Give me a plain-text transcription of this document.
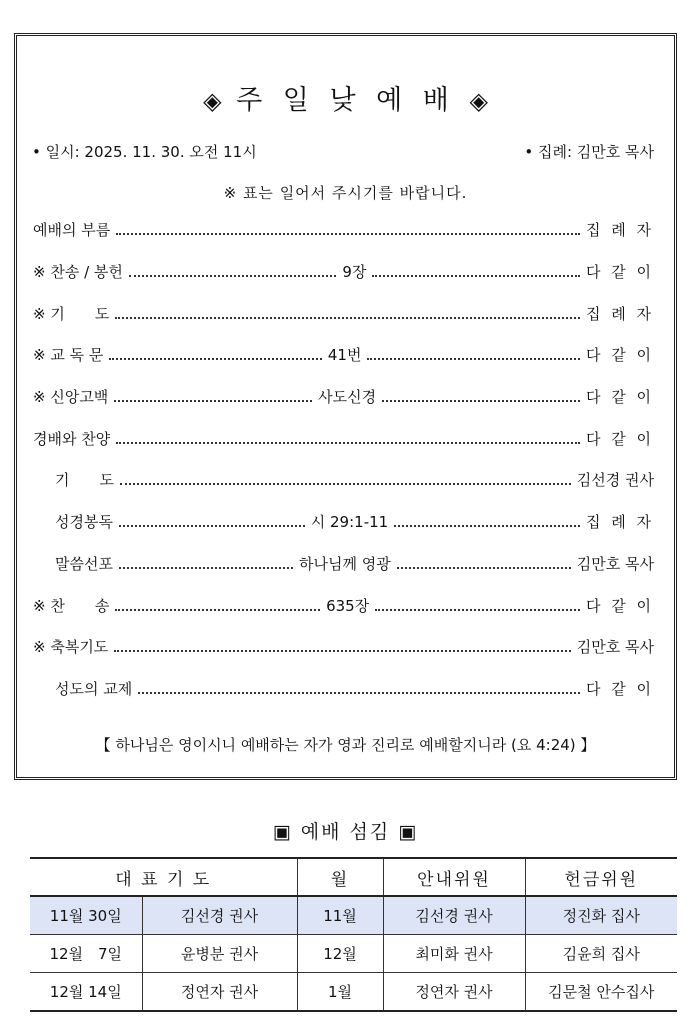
◈ 주 일 낮 예 배 ◈
• 일시: 2025. 11. 30. 오전 11시	• 집례: 김만호 목사
※ 표는 일어서 주시기를 바랍니다.
예배의 부름	집 례 자
※ 찬송 / 봉헌	9장	다 같 이
※ 기　　도	집 례 자
※ 교 독 문	41번	다 같 이
※ 신앙고백	사도신경	다 같 이
경배와 찬양	다 같 이
기　　도	김선경 권사
성경봉독	시 29:1-11	집 례 자
말씀선포	하나님께 영광	김만호 목사
※ 찬　　송	635장	다 같 이
※ 축복기도	김만호 목사
성도의 교제	다 같 이
【 하나님은 영이시니 예배하는 자가 영과 진리로 예배할지니라 (요 4:24) 】
▣ 예배 섬김 ▣
대 표 기 도		월	안내위원	헌금위원
11월 30일	김선경 권사	11월	김선경 권사	정진화 집사
12월　7일	윤병분 권사	12월	최미화 권사	김윤희 집사
12월 14일	정연자 권사	1월	정연자 권사	김문철 안수집사
